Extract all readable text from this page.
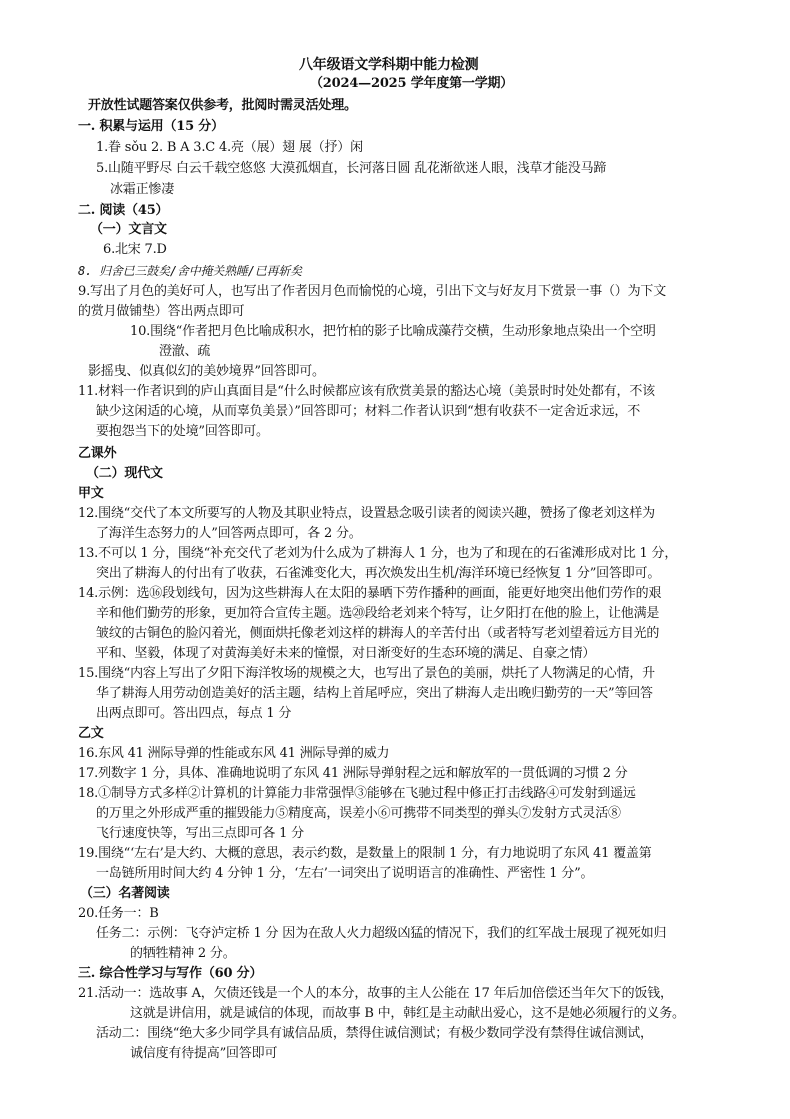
八年级语文学科期中能力检测
（2024—2025 学年度第一学期）
开放性试题答案仅供参考，批阅时需灵活处理。
一. 积累与运用（15 分）
1.眷 sǒu 2. B A 3.C 4.亮（展）翅 展（抒）闲
5.山随平野尽 白云千载空悠悠 大漠孤烟直，长河落日圆 乱花渐欲迷人眼，浅草才能没马蹄
冰霜正惨凄
二. 阅读（45）
（一）文言文
6.北宋 7.D
8. 归舍已三鼓矣/舍中掩关熟睡/已再斩矣
9.写出了月色的美好可人，也写出了作者因月色而愉悦的心境，引出下文与好友月下赏景一事（）为下文
的赏月做铺垫）答出两点即可
10.围绕“作者把月色比喻成积水，把竹柏的影子比喻成藻荇交横，生动形象地点染出一个空明
澄澈、疏
影摇曳、似真似幻的美妙境界”回答即可。
11.材料一作者识到的庐山真面目是“什么时候都应该有欣赏美景的豁达心境（美景时时处处都有，不该
缺少这闲适的心境，从而辜负美景）”回答即可；材料二作者认识到“想有收获不一定舍近求远，不
要抱怨当下的处境”回答即可。
乙课外
（二）现代文
甲文
12.围绕“交代了本文所要写的人物及其职业特点，设置悬念吸引读者的阅读兴趣，赞扬了像老刘这样为
了海洋生态努力的人”回答两点即可，各 2 分。
13.不可以 1 分，围绕“补充交代了老刘为什么成为了耕海人 1 分，也为了和现在的石雀滩形成对比 1 分，
突出了耕海人的付出有了收获，石雀滩变化大，再次焕发出生机/海洋环境已经恢复 1 分”回答即可。
14.示例：选⑯段划线句，因为这些耕海人在太阳的暴晒下劳作播种的画面，能更好地突出他们劳作的艰
辛和他们勤劳的形象，更加符合宣传主题。选⑳段给老刘来个特写，让夕阳打在他的脸上，让他满是
皱纹的古铜色的脸闪着光，侧面烘托像老刘这样的耕海人的辛苦付出（或者特写老刘望着远方目光的
平和、坚毅，体现了对黄海美好未来的憧憬，对日渐变好的生态环境的满足、自豪之情）
15.围绕“内容上写出了夕阳下海洋牧场的规模之大，也写出了景色的美丽，烘托了人物满足的心情，升
华了耕海人用劳动创造美好的活主题，结构上首尾呼应，突出了耕海人走出晚归勤劳的一天”等回答
出两点即可。答出四点，每点 1 分
乙文
16.东风 41 洲际导弹的性能或东风 41 洲际导弹的威力
17.列数字 1 分，具体、准确地说明了东风 41 洲际导弹射程之远和解放军的一贯低调的习惯 2 分
18.①制导方式多样②计算机的计算能力非常强悍③能够在飞驰过程中修正打击线路④可发射到遥远
的万里之外形成严重的摧毁能力⑤精度高，误差小⑥可携带不同类型的弹头⑦发射方式灵活⑧
飞行速度快等，写出三点即可各 1 分
19.围绕“‘左右’是大约、大概的意思，表示约数，是数量上的限制 1 分，有力地说明了东风 41 覆盖第
一岛链所用时间大约 4 分钟 1 分，‘左右’一词突出了说明语言的准确性、严密性 1 分”。
（三）名著阅读
20.任务一：B
任务二：示例：飞夺泸定桥 1 分 因为在敌人火力超级凶猛的情况下，我们的红军战士展现了视死如归
的牺牲精神 2 分。
三. 综合性学习与写作（60 分）
21.活动一：选故事 A，欠债还钱是一个人的本分，故事的主人公能在 17 年后加倍偿还当年欠下的饭钱，
这就是讲信用，就是诚信的体现，而故事 B 中，韩红是主动献出爱心，这不是她必须履行的义务。
活动二：围绕“绝大多少同学具有诚信品质，禁得住诚信测试；有极少数同学没有禁得住诚信测试，
诚信度有待提高”回答即可
